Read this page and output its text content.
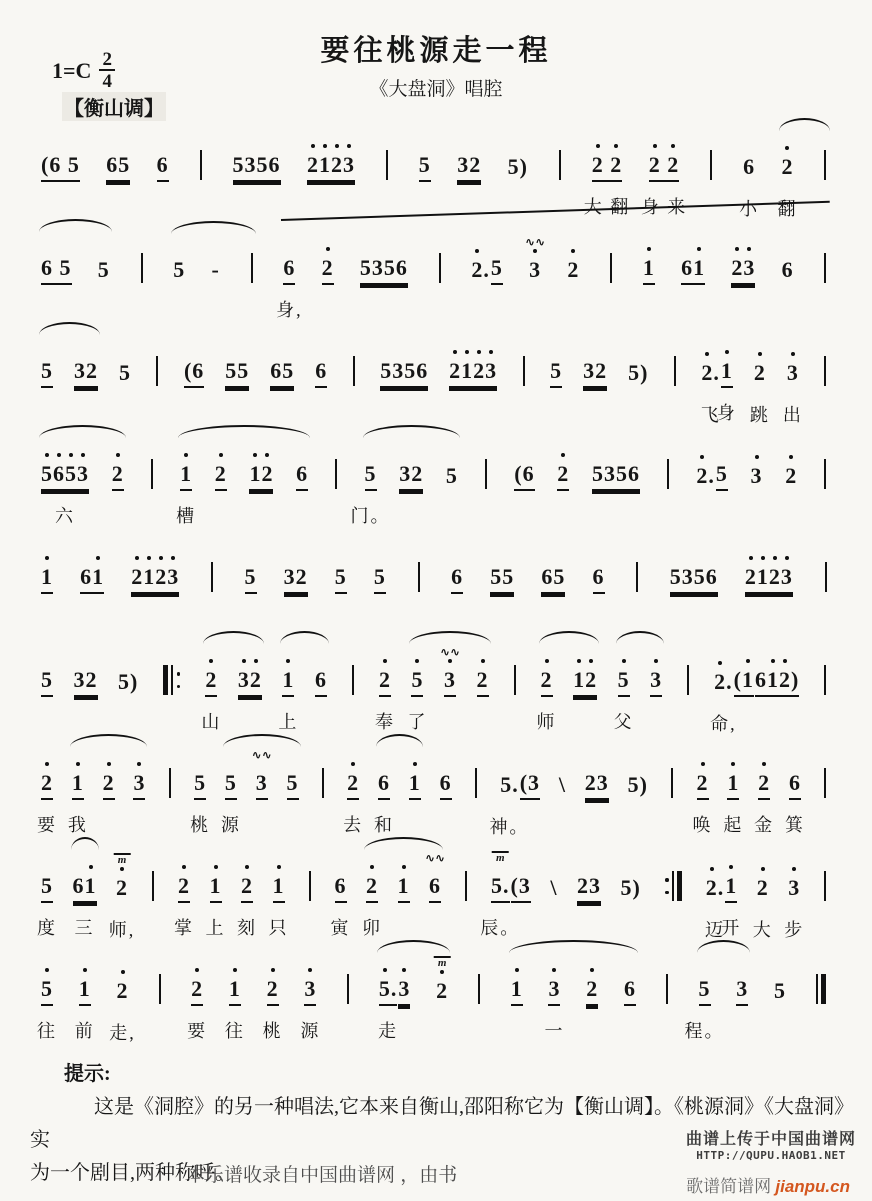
要往桃源走一程
《大盘洞》唱腔
$1=C \frac{2}{4}$
【衡山调】
(6 5 65 6	5356 2
1
2
3	5 32 5)	2 2
大 翻
2 2
身 来
6
小
2
翻
6 5 5	5 -	6
身,
2 5356	2
. 5 3
∿∿
2	1 61 2
3 6
5 32 5 (6 55 65 6 5356 2
1
2
3 5 32 5) 2
.
飞
1
身
2
跳
3
出
5
6
5
3
六
2	1
槽
2 1
2 6	5
门。
32 5	(6 2 5356	2
. 5 3 2
1 61 2
1
2
3	5 32 5 5	6 55 65 6	5356 2
1
2
3
5 32 5)	2
山
3
2 1
上
6 2
奉
5
了
3
∿∿
2 2
师
1
2 5
父
3 2
.
命,
(1 61
2
)
2
要
1
我
2 3 5
桃
5
源
3
∿∿
5 2
去
6
和
1 6 5.
神。
(3 \ 23 5) 2
唤
1
起
2
金
6
箕
5
度
61
三
2
m
师,
2
掌
1
上
2
刻
1
只
6
寅
2
卯
1 6
∿∿
5.
m
辰。
(3 \ 23 5)	2
.
迈
1
开
2
大
3
步
5
往
1
前
2
走,
2
要
1
往
2
桃
3
源
5
.
走
3 2
m
1 3
一
2 6	5
程。
3 5
提示:
这是《洞腔》的另一种唱法,它本来自衡山,邵阳称它为【衡山调】。《桃源洞》《大盘洞》实
为一个剧目,两种称呼。
本乐谱收录自中国曲谱网 ，由书
曲谱上传于中国曲谱网
HTTP://QUPU.HAOB1.NET
歌谱简谱网 jianpu.cn
